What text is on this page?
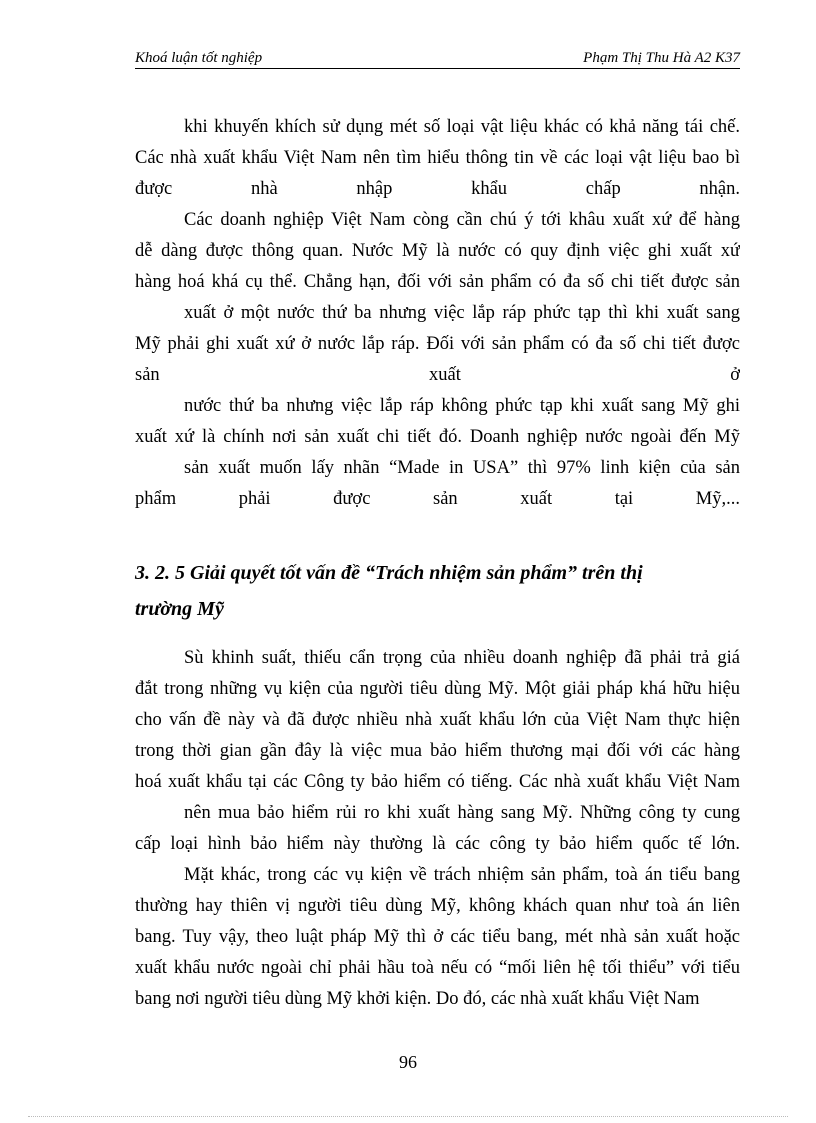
Khoá luận tốt nghiệp	Phạm Thị Thu Hà A2 K37
khi khuyến khích sử dụng mét số loại vật liệu khác có khả năng tái chế.
Các nhà xuất khẩu Việt Nam nên tìm hiểu thông tin về các loại vật liệu bao bì
được nhà nhập khẩu chấp nhận.
Các doanh nghiệp Việt Nam còng cần chú ý tới khâu xuất xứ để hàng
dễ dàng được thông quan. Nước Mỹ là nước có quy định việc ghi xuất xứ
hàng hoá khá cụ thể. Chẳng hạn, đối với sản phẩm có đa số chi tiết được sản
xuất ở một nước thứ ba nhưng việc lắp ráp phức tạp thì khi xuất sang
Mỹ phải ghi xuất xứ ở nước lắp ráp. Đối với sản phẩm có đa số chi tiết được
sản xuất ở
nước thứ ba nhưng việc lắp ráp không phức tạp khi xuất sang Mỹ ghi
xuất xứ là chính nơi sản xuất chi tiết đó. Doanh nghiệp nước ngoài đến Mỹ
sản xuất muốn lấy nhãn “Made in USA” thì 97% linh kiện của sản
phẩm phải được sản xuất tại Mỹ,...
3. 2. 5 Giải quyết tốt vấn đề “Trách nhiệm sản phẩm” trên thị
trường Mỹ
Sù khinh suất, thiếu cẩn trọng của nhiều doanh nghiệp đã phải trả giá
đắt trong những vụ kiện của người tiêu dùng Mỹ. Một giải pháp khá hữu hiệu
cho vấn đề này và đã được nhiều nhà xuất khẩu lớn của Việt Nam thực hiện
trong thời gian gần đây là việc mua bảo hiểm thương mại đối với các hàng
hoá xuất khẩu tại các Công ty bảo hiểm có tiếng. Các nhà xuất khẩu Việt Nam
nên mua bảo hiểm rủi ro khi xuất hàng sang Mỹ. Những công ty cung
cấp loại hình bảo hiểm này thường là các công ty bảo hiểm quốc tế lớn.
Mặt khác, trong các vụ kiện về trách nhiệm sản phẩm, toà án tiểu bang
thường hay thiên vị người tiêu dùng Mỹ, không khách quan như toà án liên
bang. Tuy vậy, theo luật pháp Mỹ thì ở các tiểu bang, mét nhà sản xuất hoặc
xuất khẩu nước ngoài chỉ phải hầu toà nếu có “mối liên hệ tối thiểu” với tiểu
bang nơi người tiêu dùng Mỹ khởi kiện. Do đó, các nhà xuất khẩu Việt Nam
96
